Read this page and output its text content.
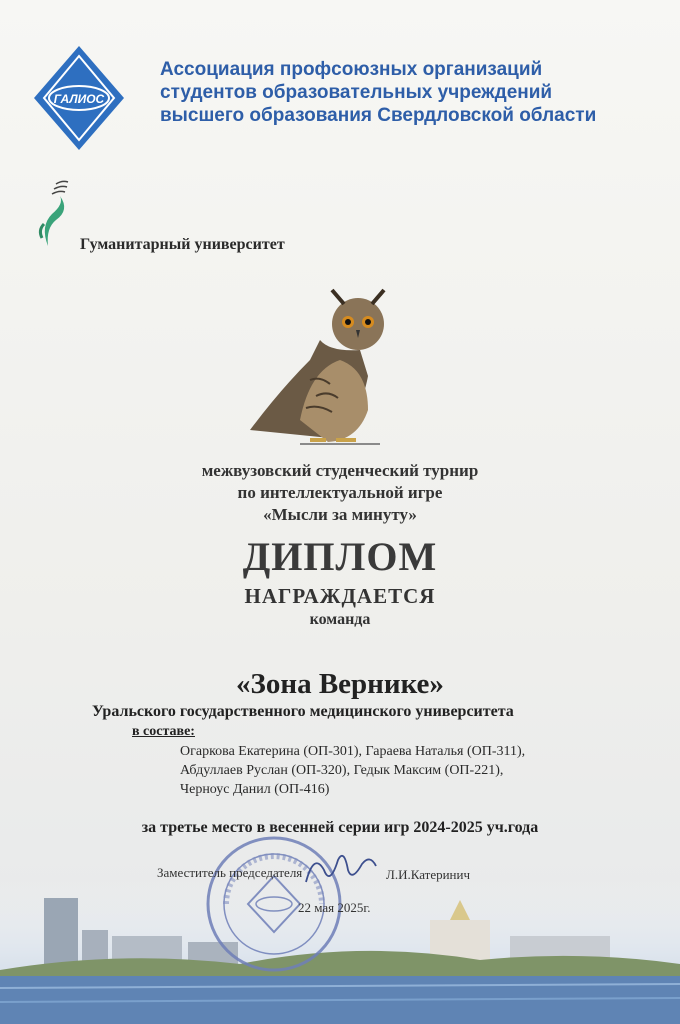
ГАЛИОС
Ассоциация профсоюзных организаций
студентов образовательных учреждений
высшего образования Свердловской области
Гуманитарный университет
межвузовский студенческий турнир
по интеллектуальной игре
«Мысли за минуту»
ДИПЛОМ
НАГРАЖДАЕТСЯ
команда
«Зона Вернике»
Уральского государственного медицинского университета
в составе:
Огаркова Екатерина (ОП-301), Гараева Наталья (ОП-311),
Абдуллаев Руслан (ОП-320), Гедык Максим (ОП-221),
Черноус Данил (ОП-416)
за третье место в весенней серии игр 2024-2025 уч.года
Заместитель председателя	Л.И.Катеринич
22 мая 2025г.
